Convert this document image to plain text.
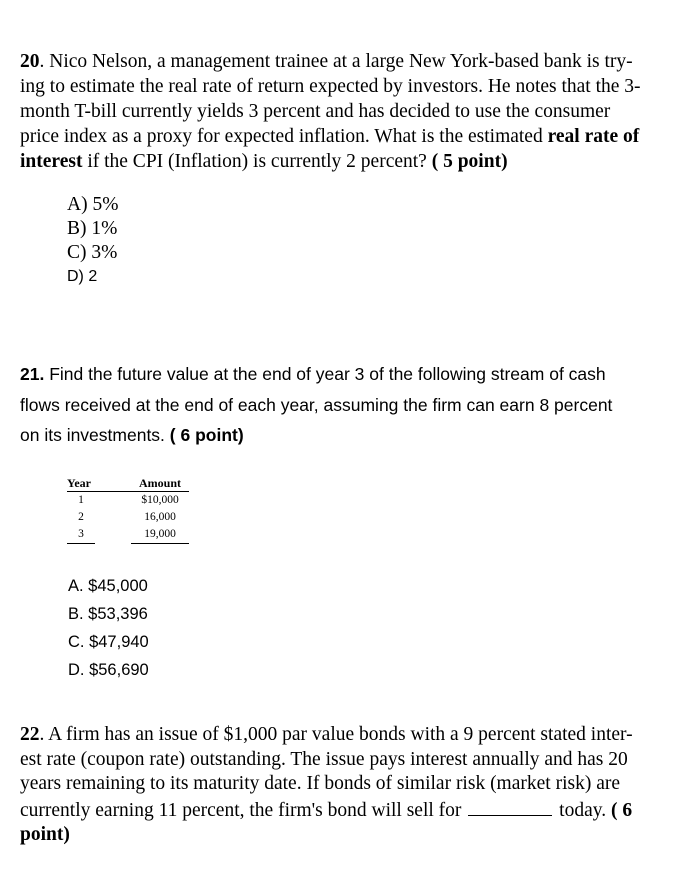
20. Nico Nelson, a management trainee at a large New York-based bank is try-
ing to estimate the real rate of return expected by investors. He notes that the 3-
month T-bill currently yields 3 percent and has decided to use the consumer
price index as a proxy for expected inflation. What is the estimated real rate of
interest if the CPI (Inflation) is currently 2 percent? ( 5 point)
A) 5%
B) 1%
C) 3%
D) 2
21. Find the future value at the end of year 3 of the following stream of cash
flows received at the end of each year, assuming the firm can earn 8 percent
on its investments. ( 6 point)
Year		Amount
1		$10,000
2		16,000
3		19,000
A. $45,000
B. $53,396
C. $47,940
D. $56,690
22. A firm has an issue of $1,000 par value bonds with a 9 percent stated inter-
est rate (coupon rate) outstanding. The issue pays interest annually and has 20
years remaining to its maturity date. If bonds of similar risk (market risk) are
currently earning 11 percent, the firm's bond will sell for	today. ( 6
point)
